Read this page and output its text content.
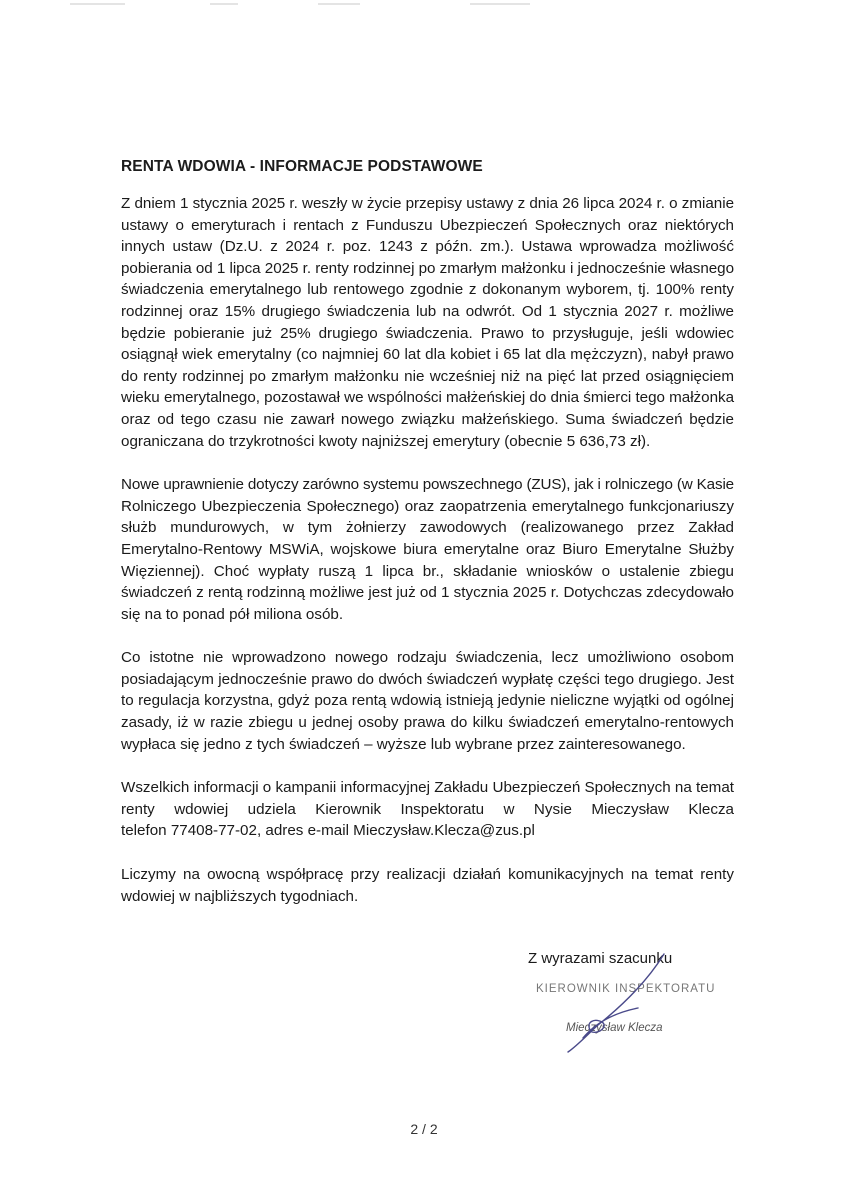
RENTA WDOWIA - INFORMACJE PODSTAWOWE
Z dniem 1 stycznia 2025 r. weszły w życie przepisy ustawy z dnia 26 lipca 2024 r. o zmianie
ustawy o emeryturach i rentach z Funduszu Ubezpieczeń Społecznych oraz niektórych
innych ustaw (Dz.U. z 2024 r. poz. 1243 z późn. zm.). Ustawa wprowadza możliwość
pobierania od 1 lipca 2025 r. renty rodzinnej po zmarłym małżonku i jednocześnie własnego
świadczenia emerytalnego lub rentowego zgodnie z dokonanym wyborem, tj. 100% renty
rodzinnej oraz 15% drugiego świadczenia lub na odwrót. Od 1 stycznia 2027 r. możliwe
będzie pobieranie już 25% drugiego świadczenia. Prawo to przysługuje, jeśli wdowiec
osiągnął wiek emerytalny (co najmniej 60 lat dla kobiet i 65 lat dla mężczyzn), nabył prawo
do renty rodzinnej po zmarłym małżonku nie wcześniej niż na pięć lat przed osiągnięciem
wieku emerytalnego, pozostawał we wspólności małżeńskiej do dnia śmierci tego małżonka
oraz od tego czasu nie zawarł nowego związku małżeńskiego. Suma świadczeń będzie
ograniczana do trzykrotności kwoty najniższej emerytury (obecnie 5 636,73 zł).
Nowe uprawnienie dotyczy zarówno systemu powszechnego (ZUS), jak i rolniczego (w Kasie
Rolniczego Ubezpieczenia Społecznego) oraz zaopatrzenia emerytalnego funkcjonariuszy
służb mundurowych, w tym żołnierzy zawodowych (realizowanego przez Zakład
Emerytalno-Rentowy MSWiA, wojskowe biura emerytalne oraz Biuro Emerytalne Służby
Więziennej). Choć wypłaty ruszą 1 lipca br., składanie wniosków o ustalenie zbiegu
świadczeń z rentą rodzinną możliwe jest już od 1 stycznia 2025 r. Dotychczas zdecydowało
się na to ponad pół miliona osób.
Co istotne nie wprowadzono nowego rodzaju świadczenia, lecz umożliwiono osobom
posiadającym jednocześnie prawo do dwóch świadczeń wypłatę części tego drugiego. Jest
to regulacja korzystna, gdyż poza rentą wdowią istnieją jedynie nieliczne wyjątki od ogólnej
zasady, iż w razie zbiegu u jednej osoby prawa do kilku świadczeń emerytalno-rentowych
wypłaca się jedno z tych świadczeń – wyższe lub wybrane przez zainteresowanego.
Wszelkich informacji o kampanii informacyjnej Zakładu Ubezpieczeń Społecznych na temat
renty wdowiej udziela Kierownik Inspektoratu w Nysie Mieczysław Klecza
telefon 77408-77-02, adres e-mail Mieczysław.Klecza@zus.pl
Liczymy na owocną współpracę przy realizacji działań komunikacyjnych na temat renty
wdowiej w najbliższych tygodniach.
Z wyrazami szacunku
KIEROWNIK INSPEKTORATU
Mieczysław Klecza
2 / 2
